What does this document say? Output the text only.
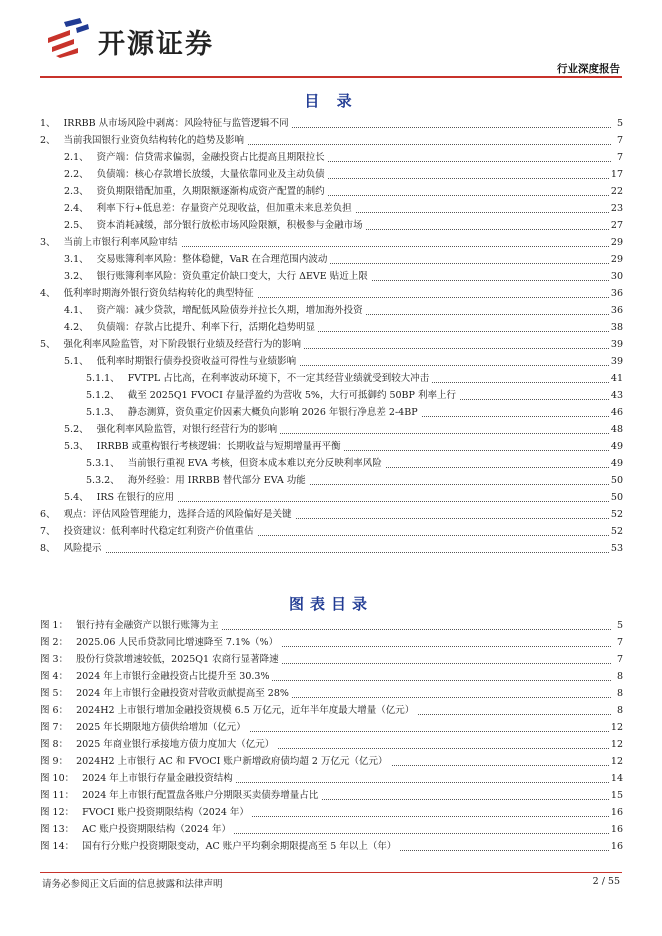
开源证券
行业深度报告
目 录
1、 IRRBB 从市场风险中剥离：风险特征与监管逻辑不同	5
2、 当前我国银行业资负结构转化的趋势及影响	7
2.1、 资产端：信贷需求偏弱，金融投资占比提高且期限拉长	7
2.2、 负债端：核心存款增长放缓，大量依靠同业及主动负债	17
2.3、 资负期限错配加重，久期限额逐渐构成资产配置的制约	22
2.4、 利率下行+低息差：存量资产兑现收益，但加重未来息差负担	23
2.5、 资本消耗减缓，部分银行放松市场风险限额，积极参与金融市场	27
3、 当前上市银行利率风险审结	29
3.1、 交易账簿利率风险：整体稳健，VaR 在合理范围内波动	29
3.2、 银行账簿利率风险：资负重定价缺口变大，大行 ΔEVE 贴近上限	30
4、 低利率时期海外银行资负结构转化的典型特征	36
4.1、 资产端：减少贷款，增配低风险债券并拉长久期，增加海外投资	36
4.2、 负债端：存款占比提升、利率下行，活期化趋势明显	38
5、 强化利率风险监管，对下阶段银行业绩及经营行为的影响	39
5.1、 低利率时期银行债券投资收益可得性与业绩影响	39
5.1.1、 FVTPL 占比高，在利率波动环境下，不一定其经营业绩就受到较大冲击	41
5.1.2、 截至 2025Q1 FVOCI 存量浮盈约为营收 5%，大行可抵御约 50BP 利率上行	43
5.1.3、 静态测算，资负重定价因素大概负向影响 2026 年银行净息差 2-4BP	46
5.2、 强化利率风险监管，对银行经营行为的影响	48
5.3、 IRRBB 或重构银行考核逻辑：长期收益与短期增量再平衡	49
5.3.1、 当前银行重视 EVA 考核，但资本成本难以充分反映利率风险	49
5.3.2、 海外经验：用 IRRBB 替代部分 EVA 功能	50
5.4、 IRS 在银行的应用	50
6、 观点：评估风险管理能力，选择合适的风险偏好是关键	52
7、 投资建议：低利率时代稳定红利资产价值重估	52
8、 风险提示	53
图表目录
图 1： 银行持有金融资产以银行账簿为主	5
图 2： 2025.06 人民币贷款同比增速降至 7.1%（%）	7
图 3： 股份行贷款增速较低，2025Q1 农商行显著降速	7
图 4： 2024 年上市银行金融投资占比提升至 30.3%	8
图 5： 2024 年上市银行金融投资对营收贡献提高至 28%	8
图 6： 2024H2 上市银行增加金融投资规模 6.5 万亿元，近年半年度最大增量（亿元）	8
图 7： 2025 年长期限地方债供给增加（亿元）	12
图 8： 2025 年商业银行承接地方债力度加大（亿元）	12
图 9： 2024H2 上市银行 AC 和 FVOCI 账户新增政府债均超 2 万亿元（亿元）	12
图 10： 2024 年上市银行存量金融投资结构	14
图 11： 2024 年上市银行配置盘各账户分期限买卖债券增量占比	15
图 12： FVOCI 账户投资期限结构（2024 年）	16
图 13： AC 账户投资期限结构（2024 年）	16
图 14： 国有行分账户投资期限变动，AC 账户平均剩余期限提高至 5 年以上（年）	16
请务必参阅正文后面的信息披露和法律声明	2 / 55
